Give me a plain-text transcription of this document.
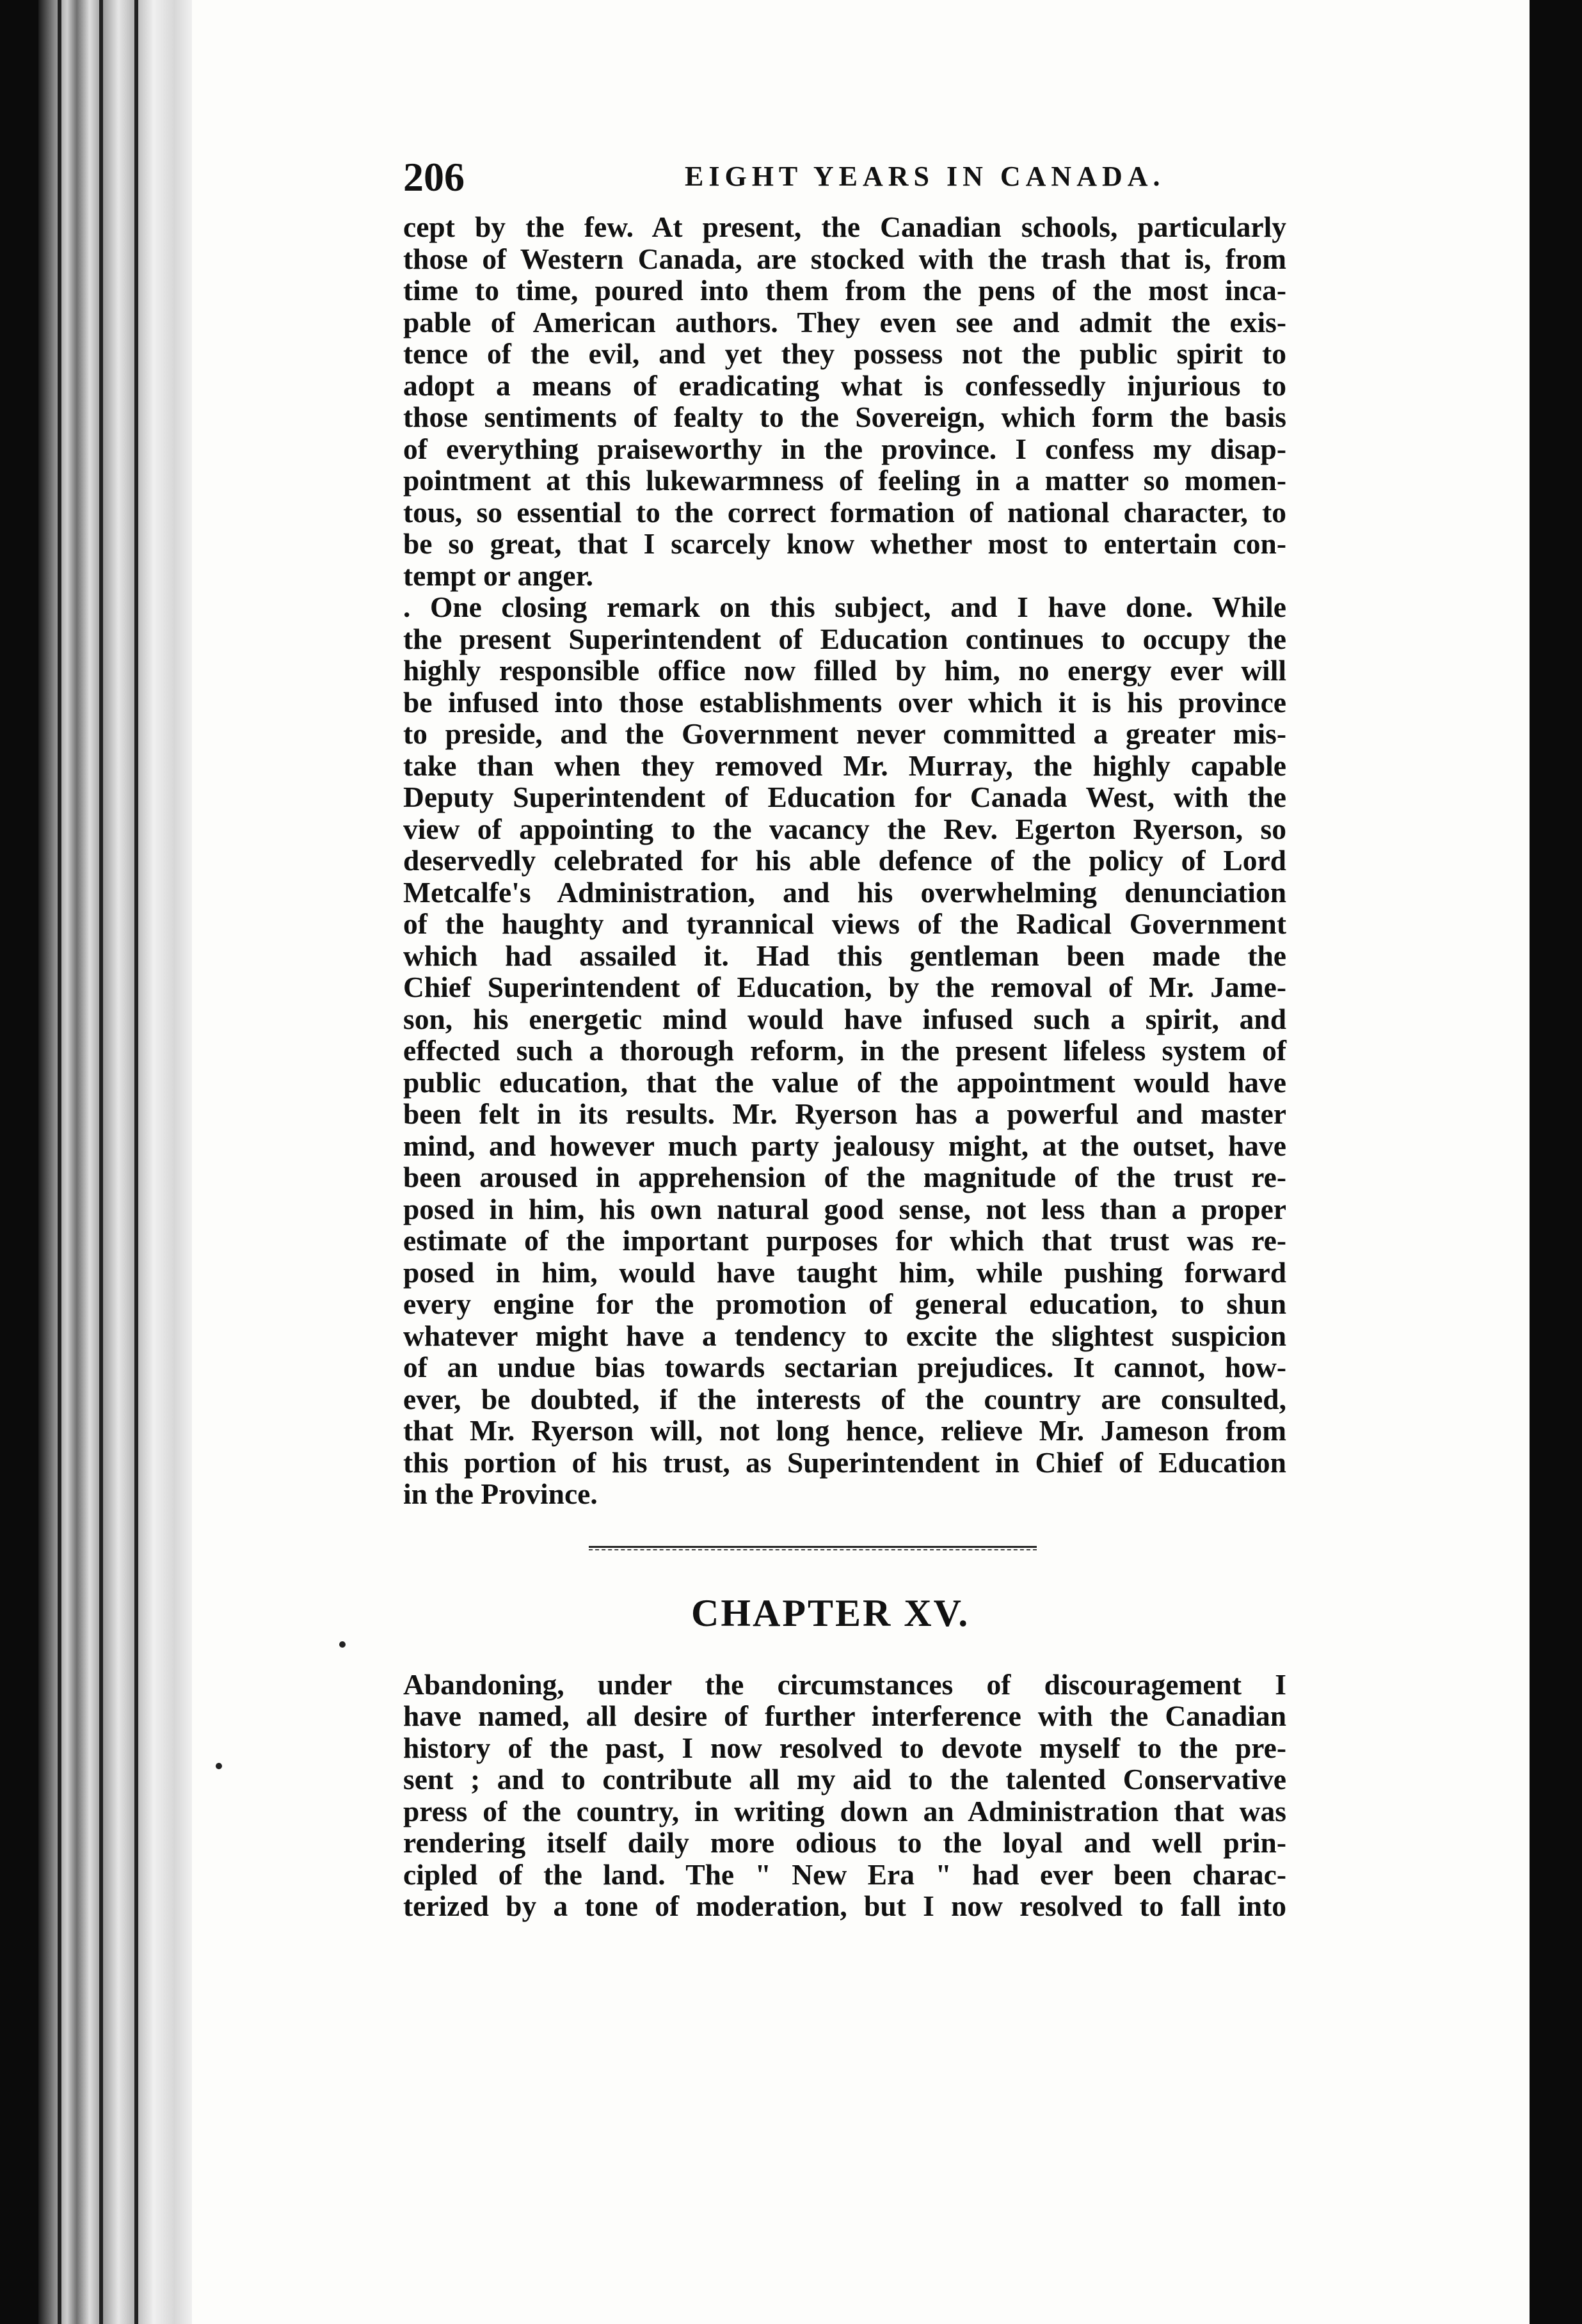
206	EIGHT YEARS IN CANADA.
cept by the few. At present, the Canadian schools, particularly
those of Western Canada, are stocked with the trash that is, from
time to time, poured into them from the pens of the most inca-
pable of American authors. They even see and admit the exis-
tence of the evil, and yet they possess not the public spirit to
adopt a means of eradicating what is confessedly injurious to
those sentiments of fealty to the Sovereign, which form the basis
of everything praiseworthy in the province. I confess my disap-
pointment at this lukewarmness of feeling in a matter so momen-
tous, so essential to the correct formation of national character, to
be so great, that I scarcely know whether most to entertain con-
tempt or anger.
. One closing remark on this subject, and I have done. While
the present Superintendent of Education continues to occupy the
highly responsible office now filled by him, no energy ever will
be infused into those establishments over which it is his province
to preside, and the Government never committed a greater mis-
take than when they removed Mr. Murray, the highly capable
Deputy Superintendent of Education for Canada West, with the
view of appointing to the vacancy the Rev. Egerton Ryerson, so
deservedly celebrated for his able defence of the policy of Lord
Metcalfe's Administration, and his overwhelming denunciation
of the haughty and tyrannical views of the Radical Government
which had assailed it. Had this gentleman been made the
Chief Superintendent of Education, by the removal of Mr. Jame-
son, his energetic mind would have infused such a spirit, and
effected such a thorough reform, in the present lifeless system of
public education, that the value of the appointment would have
been felt in its results. Mr. Ryerson has a powerful and master
mind, and however much party jealousy might, at the outset, have
been aroused in apprehension of the magnitude of the trust re-
posed in him, his own natural good sense, not less than a proper
estimate of the important purposes for which that trust was re-
posed in him, would have taught him, while pushing forward
every engine for the promotion of general education, to shun
whatever might have a tendency to excite the slightest suspicion
of an undue bias towards sectarian prejudices. It cannot, how-
ever, be doubted, if the interests of the country are consulted,
that Mr. Ryerson will, not long hence, relieve Mr. Jameson from
this portion of his trust, as Superintendent in Chief of Education
in the Province.
CHAPTER XV.
Abandoning, under the circumstances of discouragement I
have named, all desire of further interference with the Canadian
history of the past, I now resolved to devote myself to the pre-
sent ; and to contribute all my aid to the talented Conservative
press of the country, in writing down an Administration that was
rendering itself daily more odious to the loyal and well prin-
cipled of the land. The " New Era " had ever been charac-
terized by a tone of moderation, but I now resolved to fall into
